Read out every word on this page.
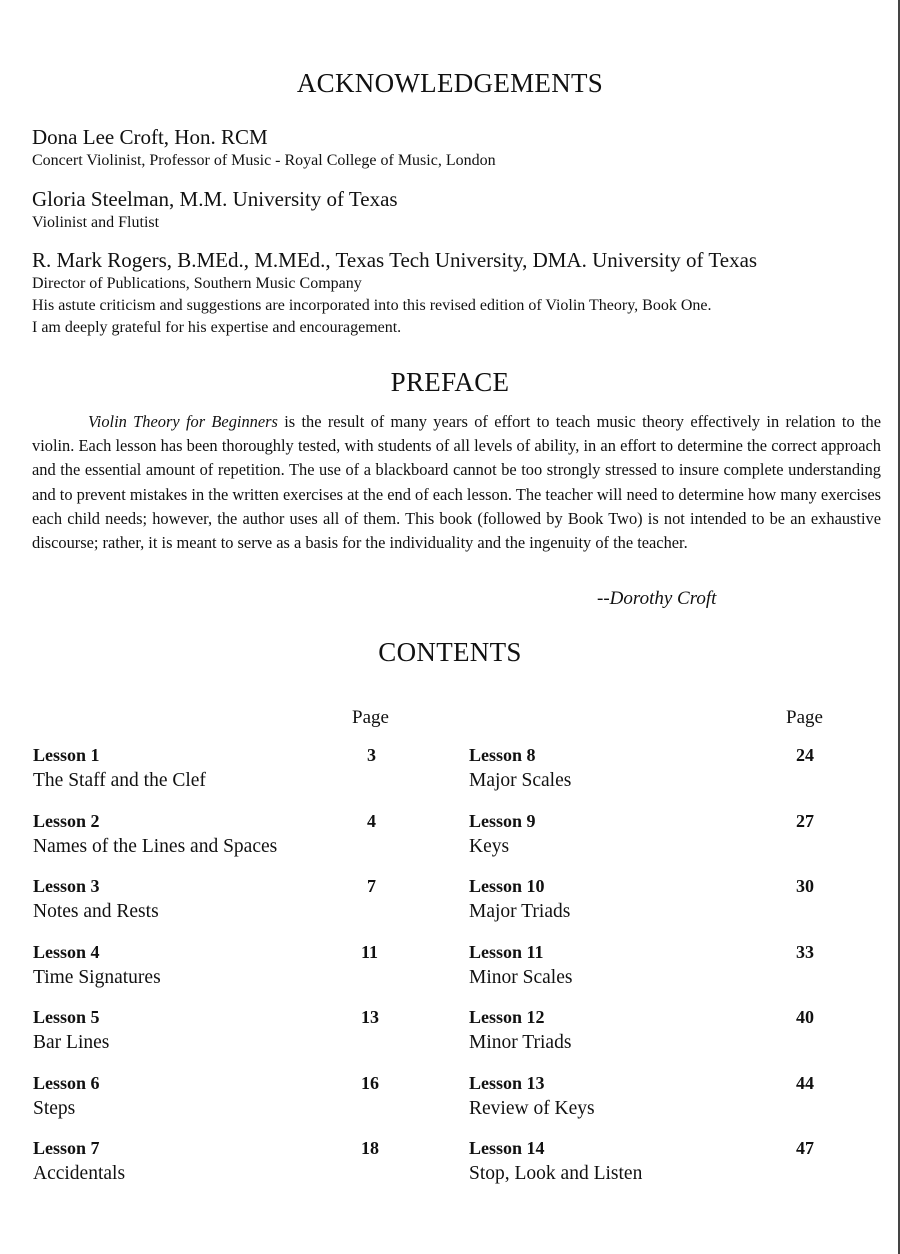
ACKNOWLEDGEMENTS
Dona Lee Croft, Hon. RCM
Concert Violinist, Professor of Music - Royal College of Music, London
Gloria Steelman, M.M. University of Texas
Violinist and Flutist
R. Mark Rogers, B.MEd., M.MEd., Texas Tech University, DMA. University of Texas
Director of Publications, Southern Music Company
His astute criticism and suggestions are incorporated into this revised edition of Violin Theory, Book One.
I am deeply grateful for his expertise and encouragement.
PREFACE

Violin Theory for Beginners is the result of many years of effort to teach music theory effectively in relation to the violin. Each lesson has been thoroughly tested, with students of all levels of ability, in an effort to determine the correct approach and the essential amount of repetition. The use of a blackboard cannot be too strongly stressed to insure complete understanding and to prevent mistakes in the written exercises at the end of each lesson. The teacher will need to determine how many exercises each child needs; however, the author uses all of them. This book (followed by Book Two) is not intended to be an exhaustive discourse; rather, it is meant to serve as a basis for the individuality and the ingenuity of the teacher.

--Dorothy Croft
CONTENTS
Page	Page
Lesson 1
The Staff and the Clef
3
Lesson 2
Names of the Lines and Spaces
4
Lesson 3
Notes and Rests
7
Lesson 4
Time Signatures
11
Lesson 5
Bar Lines
13
Lesson 6
Steps
16
Lesson 7
Accidentals
18
Lesson 8
Major Scales
24
Lesson 9
Keys
27
Lesson 10
Major Triads
30
Lesson 11
Minor Scales
33
Lesson 12
Minor Triads
40
Lesson 13
Review of Keys
44
Lesson 14
Stop, Look and Listen
47
